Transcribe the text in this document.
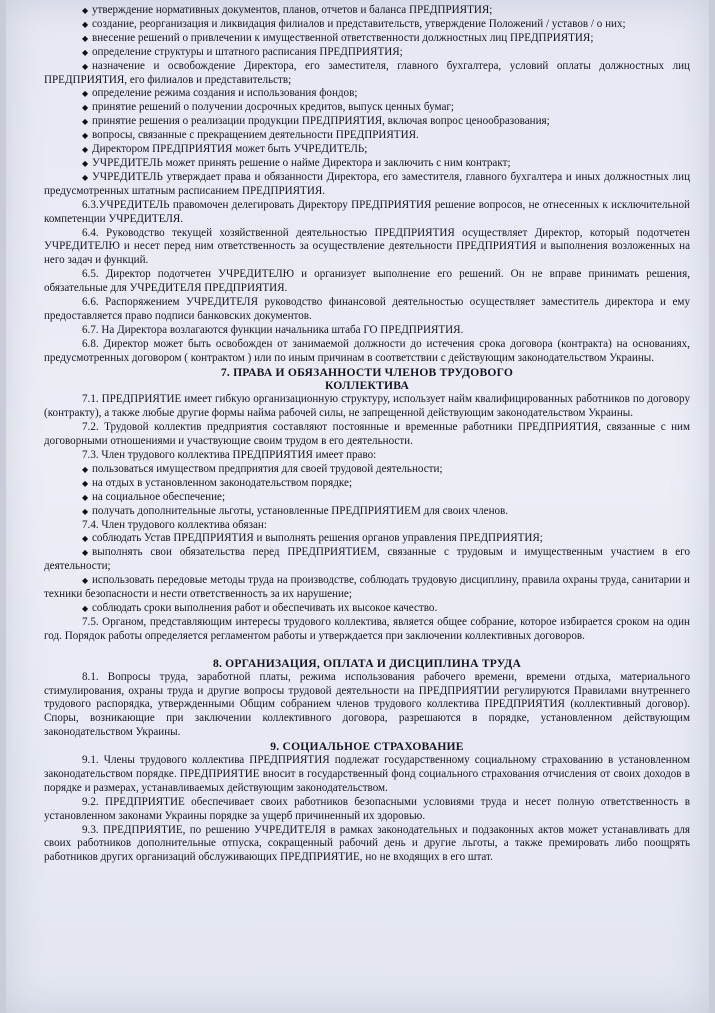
◆ утверждение нормативных документов, планов, отчетов и баланса ПРЕДПРИЯТИЯ;

◆ создание, реорганизация и ликвидация филиалов и представительств, утверждение Положений / уставов / о них;

◆ внесение решений о привлечении к имущественной ответственности должностных лиц ПРЕДПРИЯТИЯ;

◆ определение структуры и штатного расписания ПРЕДПРИЯТИЯ;

◆ назначение и освобождение Директора, его заместителя, главного бухгалтера, условий оплаты должностных лиц ПРЕДПРИЯТИЯ, его филиалов и представительств;

◆ определение режима создания и использования фондов;

◆ принятие решений о получении досрочных кредитов, выпуск ценных бумаг;

◆ принятие решения о реализации продукции ПРЕДПРИЯТИЯ, включая вопрос ценообразования;

◆ вопросы, связанные с прекращением деятельности ПРЕДПРИЯТИЯ.

◆ Директором ПРЕДПРИЯТИЯ может быть УЧРЕДИТЕЛЬ;

◆ УЧРЕДИТЕЛЬ может принять решение о найме Директора и заключить с ним контракт;

◆ УЧРЕДИТЕЛЬ утверждает права и обязанности Директора, его заместителя, главного бухгалтера и иных должностных лиц предусмотренных штатным расписанием ПРЕДПРИЯТИЯ.

6.3.УЧРЕДИТЕЛЬ правомочен делегировать Директору ПРЕДПРИЯТИЯ решение вопросов, не отнесенных к исключительной компетенции УЧРЕДИТЕЛЯ.

6.4. Руководство текущей хозяйственной деятельностью ПРЕДПРИЯТИЯ осуществляет Директор, который подотчетен УЧРЕДИТЕЛЮ и несет перед ним ответственность за осуществление деятельности ПРЕДПРИЯТИЯ и выполнения возложенных на него задач и функций.

6.5. Директор подотчетен УЧРЕДИТЕЛЮ и организует выполнение его решений. Он не вправе принимать решения, обязательные для УЧРЕДИТЕЛЯ ПРЕДПРИЯТИЯ.

6.6. Распоряжением УЧРЕДИТЕЛЯ руководство финансовой деятельностью осуществляет заместитель директора и ему предоставляется право подписи банковских документов.

6.7. На Директора возлагаются функции начальника штаба ГО ПРЕДПРИЯТИЯ.

6.8. Директор может быть освобожден от занимаемой должности до истечения срока договора (контракта) на основаниях, предусмотренных договором ( контрактом ) или по иным причинам в соответствии с действующим законодательством Украины.

7. ПРАВА И ОБЯЗАННОСТИ ЧЛЕНОВ ТРУДОВОГО

КОЛЛЕКТИВА

7.1. ПРЕДПРИЯТИЕ имеет гибкую организационную структуру, использует найм квалифицированных работников по договору (контракту), а также любые другие формы найма рабочей силы, не запрещенной действующим законодательством Украины.

7.2. Трудовой коллектив предприятия составляют постоянные и временные работники ПРЕДПРИЯТИЯ, связанные с ним договорными отношениями и участвующие своим трудом в его деятельности.

7.3. Член трудового коллектива ПРЕДПРИЯТИЯ имеет право:

◆ пользоваться имуществом предприятия для своей трудовой деятельности;

◆ на отдых в установленном законодательством порядке;

◆ на социальное обеспечение;

◆ получать дополнительные льготы, установленные ПРЕДПРИЯТИЕМ для своих членов.

7.4. Член трудового коллектива обязан:

◆ соблюдать Устав ПРЕДПРИЯТИЯ и выполнять решения органов управления ПРЕДПРИЯТИЯ;

◆ выполнять свои обязательства перед ПРЕДПРИЯТИЕМ, связанные с трудовым и имущественным участием в его деятельности;

◆ использовать передовые методы труда на производстве, соблюдать трудовую дисциплину, правила охраны труда, санитарии и техники безопасности и нести ответственность за их нарушение;

◆ соблюдать сроки выполнения работ и обеспечивать их высокое качество.

7.5. Органом, представляющим интересы трудового коллектива, является общее собрание, которое избирается сроком на один год. Порядок работы определяется регламентом работы и утверждается при заключении коллективных договоров.

8. ОРГАНИЗАЦИЯ, ОПЛАТА И ДИСЦИПЛИНА ТРУДА

8.1. Вопросы труда, заработной платы, режима использования рабочего времени, времени отдыха, материального стимулирования, охраны труда и другие вопросы трудовой деятельности на ПРЕДПРИЯТИИ регулируются Правилами внутреннего трудового распорядка, утвержденными Общим собранием членов трудового коллектива ПРЕДПРИЯТИЯ (коллективный договор). Споры, возникающие при заключении коллективного договора, разрешаются в порядке, установленном действующим законодательством Украины.

9. СОЦИАЛЬНОЕ СТРАХОВАНИЕ

9.1. Члены трудового коллектива ПРЕДПРИЯТИЯ подлежат государственному социальному страхованию в установленном законодательством порядке. ПРЕДПРИЯТИЕ вносит в государственный фонд социального страхования отчисления от своих доходов в порядке и размерах, устанавливаемых действующим законодательством.

9.2. ПРЕДПРИЯТИЕ обеспечивает своих работников безопасными условиями труда и несет полную ответственность в установленном законами Украины порядке за ущерб причиненный их здоровью.

9.3. ПРЕДПРИЯТИЕ, по решению УЧРЕДИТЕЛЯ в рамках законодательных и подзаконных актов может устанавливать для своих работников дополнительные отпуска, сокращенный рабочий день и другие льготы, а также премировать либо поощрять работников других организаций обслуживающих ПРЕДПРИЯТИЕ, но не входящих в его штат.
